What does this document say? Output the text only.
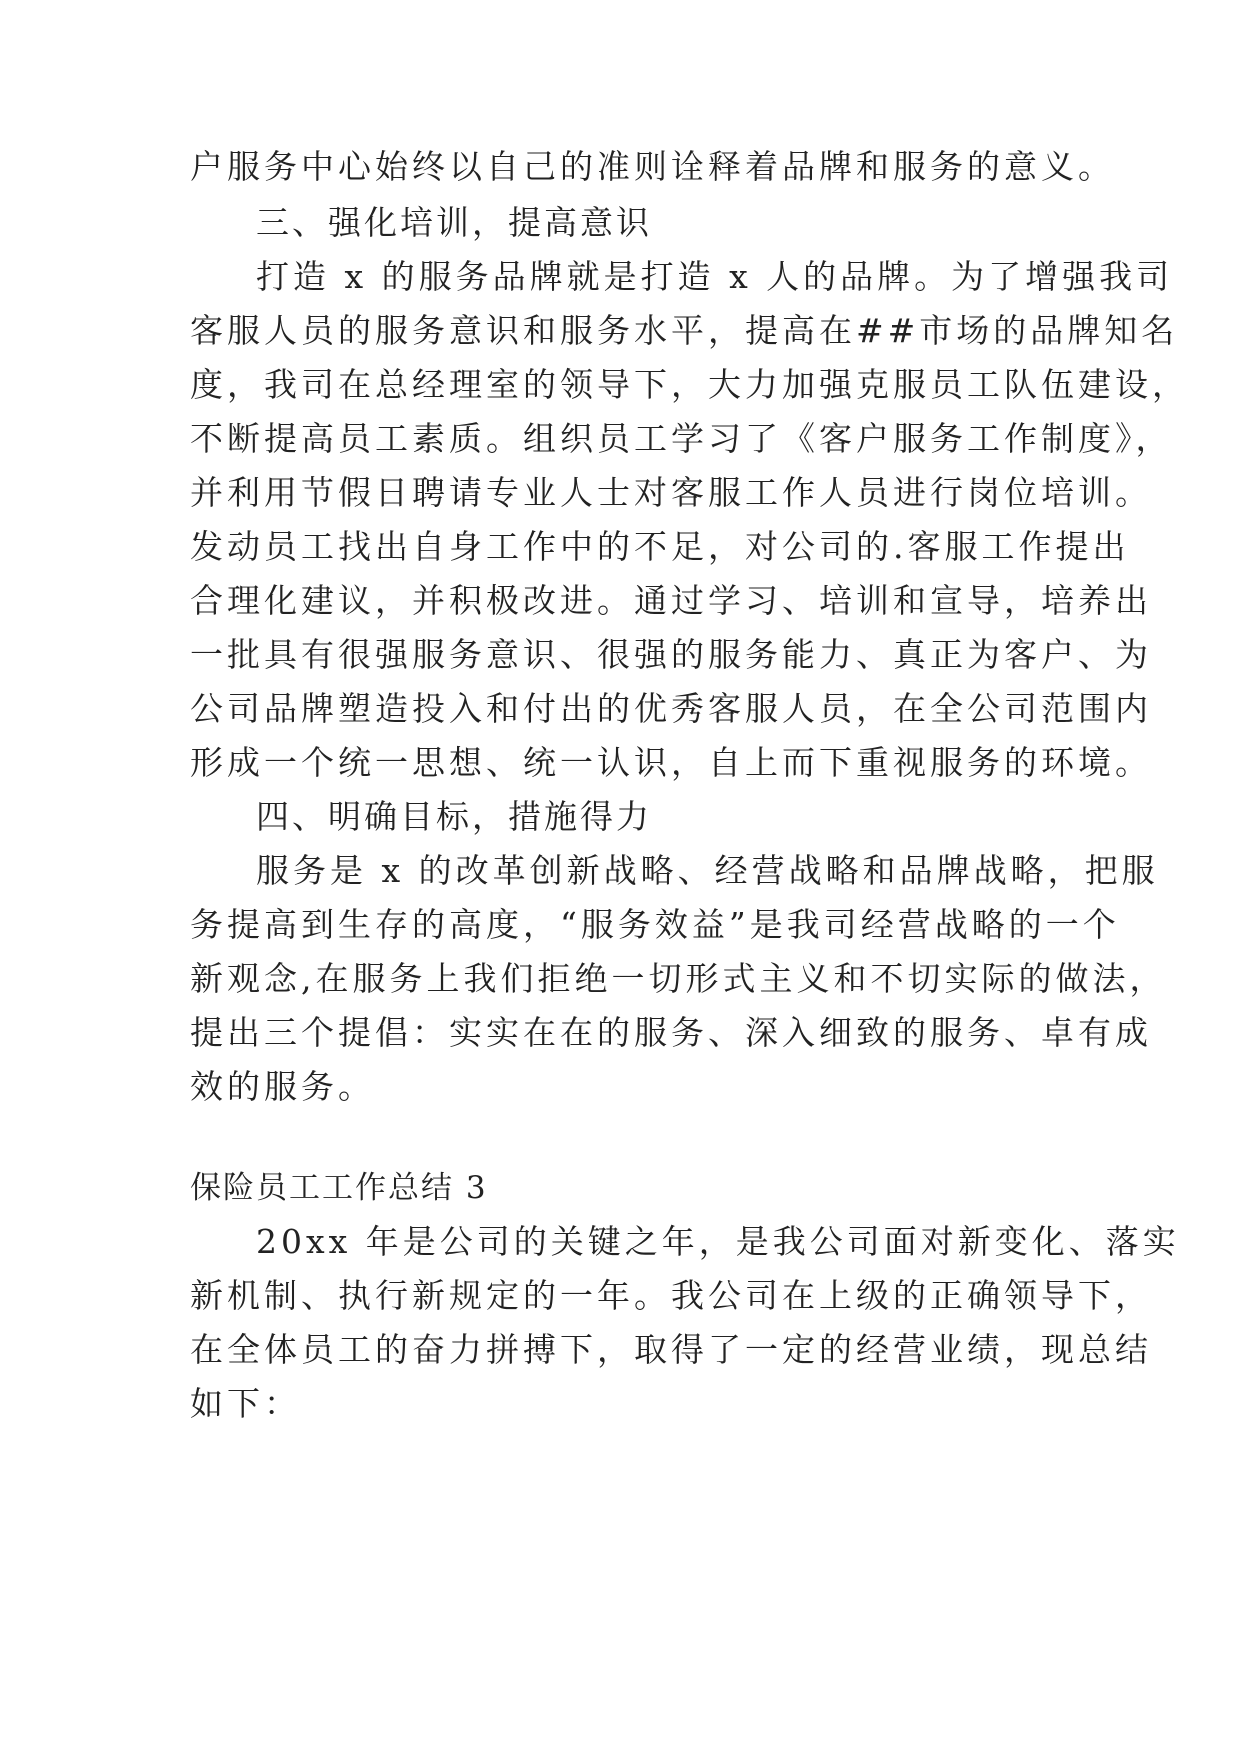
户服务中心始终以自己的准则诠释着品牌和服务的意义。
三、强化培训，提高意识
打造 x 的服务品牌就是打造 x 人的品牌。为了增强我司
客服人员的服务意识和服务水平，提高在##市场的品牌知名
度，我司在总经理室的领导下，大力加强克服员工队伍建设，
不断提高员工素质。组织员工学习了《客户服务工作制度》，
并利用节假日聘请专业人士对客服工作人员进行岗位培训。
发动员工找出自身工作中的不足，对公司的.客服工作提出
合理化建议，并积极改进。通过学习、培训和宣导，培养出
一批具有很强服务意识、很强的服务能力、真正为客户、为
公司品牌塑造投入和付出的优秀客服人员，在全公司范围内
形成一个统一思想、统一认识，自上而下重视服务的环境。
四、明确目标，措施得力
服务是 x 的改革创新战略、经营战略和品牌战略，把服
务提高到生存的高度，“服务效益”是我司经营战略的一个
新观念,在服务上我们拒绝一切形式主义和不切实际的做法，
提出三个提倡：实实在在的服务、深入细致的服务、卓有成
效的服务。
保险员工工作总结 3
20xx 年是公司的关键之年，是我公司面对新变化、落实
新机制、执行新规定的一年。我公司在上级的正确领导下，
在全体员工的奋力拼搏下，取得了一定的经营业绩，现总结
如下：
